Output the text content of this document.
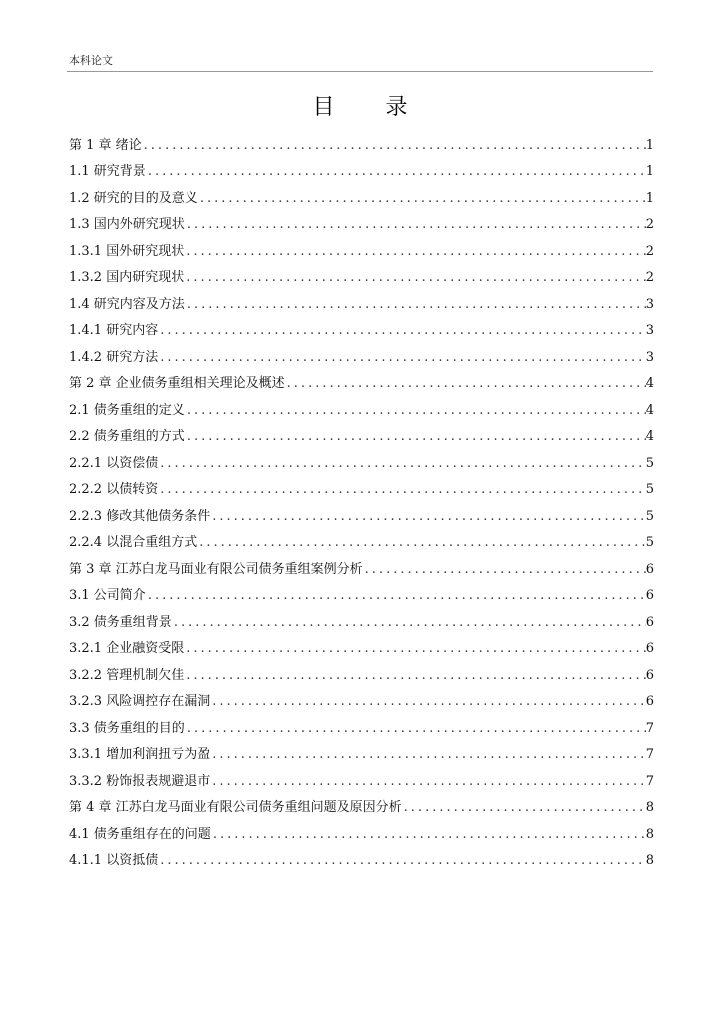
本科论文
目 录
第 1 章 绪论 .....	1
1.1 研究背景 .....	1
1.2 研究的目的及意义 .....	1
1.3 国内外研究现状 .....	2
1.3.1 国外研究现状 .....	2
1.3.2 国内研究现状 .....	2
1.4 研究内容及方法 .....	3
1.4.1 研究内容 .....	3
1.4.2 研究方法 .....	3
第 2 章 企业债务重组相关理论及概述 .....	4
2.1 债务重组的定义 .....	4
2.2 债务重组的方式 .....	4
2.2.1 以资偿债 .....	5
2.2.2 以债转资 .....	5
2.2.3 修改其他债务条件 .....	5
2.2.4 以混合重组方式 .....	5
第 3 章 江苏白龙马面业有限公司债务重组案例分析 .....	6
3.1 公司简介 .....	6
3.2 债务重组背景 .....	6
3.2.1 企业融资受限 .....	6
3.2.2 管理机制欠佳 .....	6
3.2.3 风险调控存在漏洞 .....	6
3.3 债务重组的目的 .....	7
3.3.1 增加利润扭亏为盈 .....	7
3.3.2 粉饰报表规避退市 .....	7
第 4 章 江苏白龙马面业有限公司债务重组问题及原因分析 .....	8
4.1 债务重组存在的问题 .....	8
4.1.1 以资抵债 .....	8
